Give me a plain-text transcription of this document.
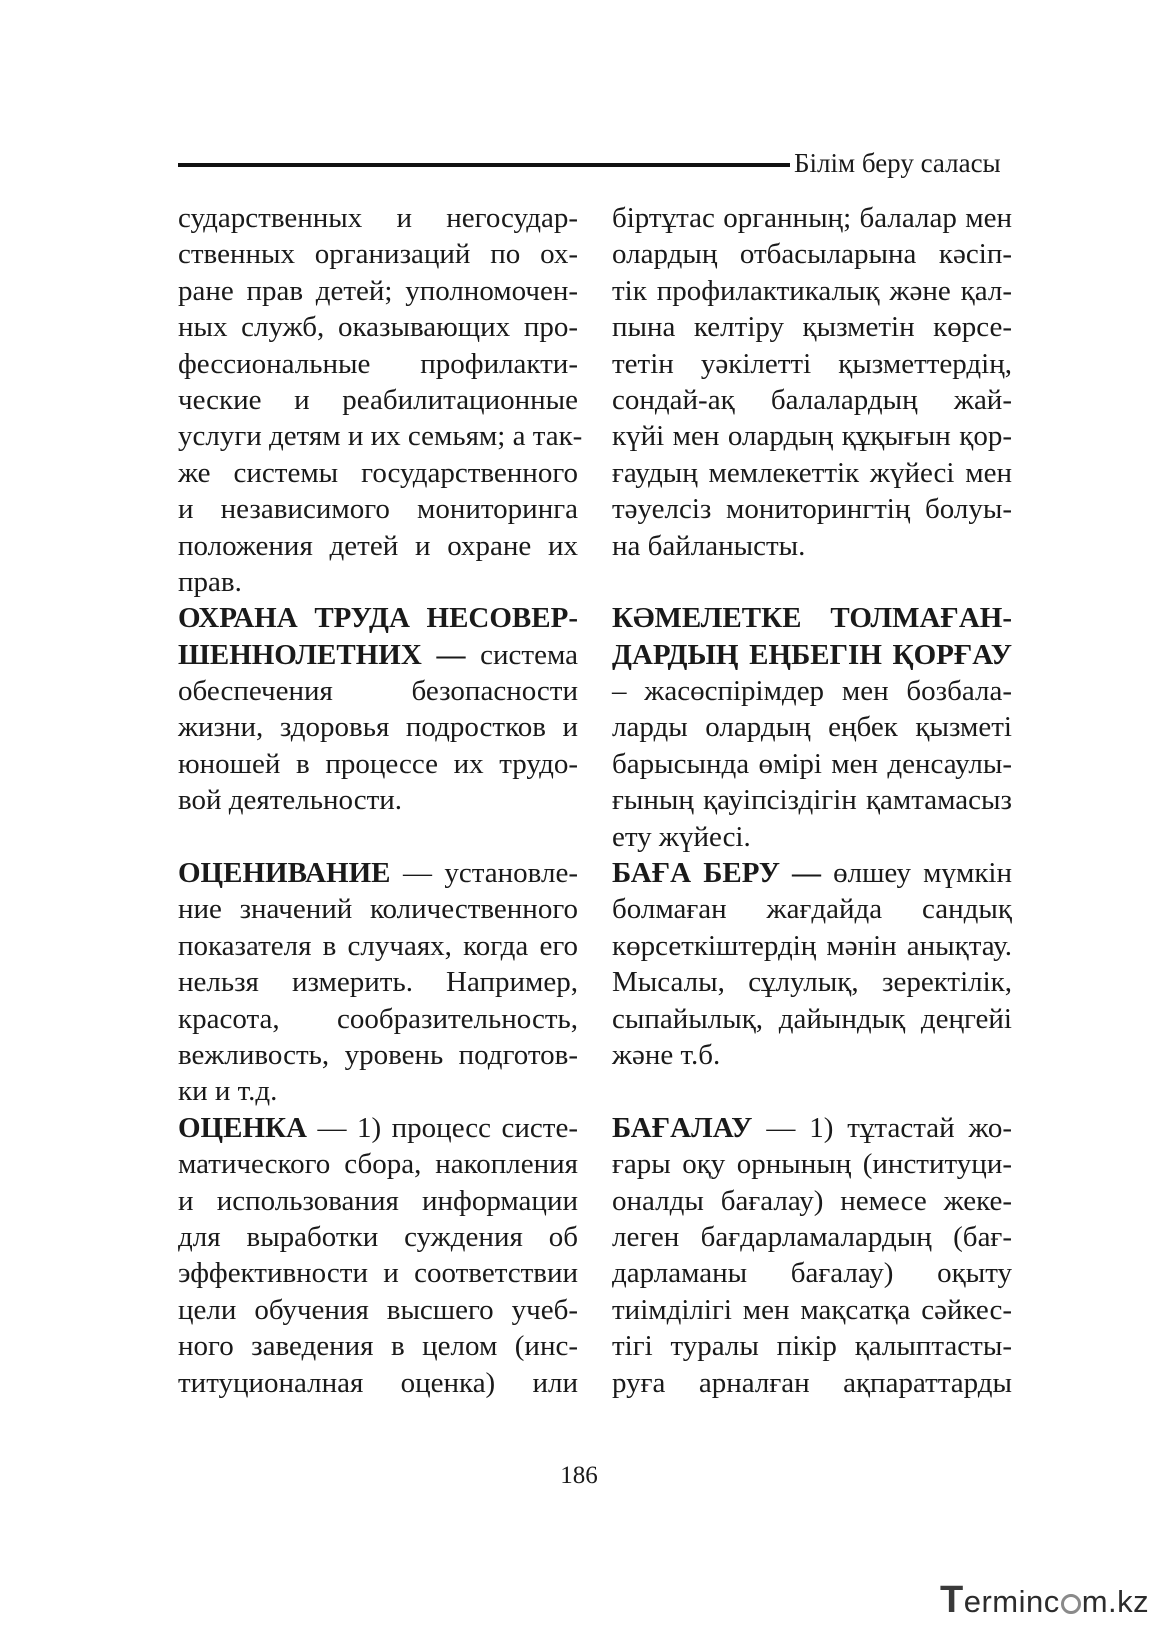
Білім беру саласы
сударственных и негосудар-
ственных организаций по ох-
ране прав детей; уполномочен-
ных служб, оказывающих про-
фессиональные профилакти-
ческие и реабилитационные
услуги детям и их семьям; а так-
же системы государственного
и независимого мониторинга
положения детей и охране их
прав.
ОХРАНА ТРУДА НЕСОВЕР-
ШЕННОЛЕТНИХ — система
обеспечения безопасности
жизни, здоровья подростков и
юношей в процессе их трудо-
вой деятельности.
ОЦЕНИВАНИЕ — установле-
ние значений количественного
показателя в случаях, когда его
нельзя измерить. Например,
красота, сообразительность,
вежливость, уровень подготов-
ки и т.д.
ОЦЕНКА — 1) процесс систе-
матического сбора, накопления
и использования информации
для выработки суждения об
эффективности и соответствии
цели обучения высшего учеб-
ного заведения в целом (инс-
титуционалная оценка) или
біртұтас органның; балалар мен
олардың отбасыларына кәсіп-
тік профилактикалық және қал-
пына келтіру қызметін көрсе-
тетін уәкілетті қызметтердің,
сондай-ақ балалардың жай-
күйі мен олардың құқығын қор-
ғаудың мемлекеттік жүйесі мен
тәуелсіз мониторингтің болуы-
на байланысты.
КӘМЕЛЕТКЕ ТОЛМАҒАН-
ДАРДЫҢ ЕҢБЕГІН ҚОРҒАУ
– жасөспірімдер мен бозбала-
ларды олардың еңбек қызметі
барысында өмірі мен денсаулы-
ғының қауіпсіздігін қамтамасыз
ету жүйесі.
БАҒА БЕРУ — өлшеу мүмкін
болмаған жағдайда сандық
көрсеткіштердің мәнін анықтау.
Мысалы, сұлулық, зеректілік,
сыпайылық, дайындық деңгейі
және т.б.
БАҒАЛАУ — 1) тұтастай жо-
ғары оқу орнының (институци-
оналды бағалау) немесе жеке-
леген бағдарламалардың (бағ-
дарламаны бағалау) оқыту
тиімділігі мен мақсатқа сәйкес-
тігі туралы пікір қалыптасты-
руға арналған ақпараттарды
186
Terminc m.kz
